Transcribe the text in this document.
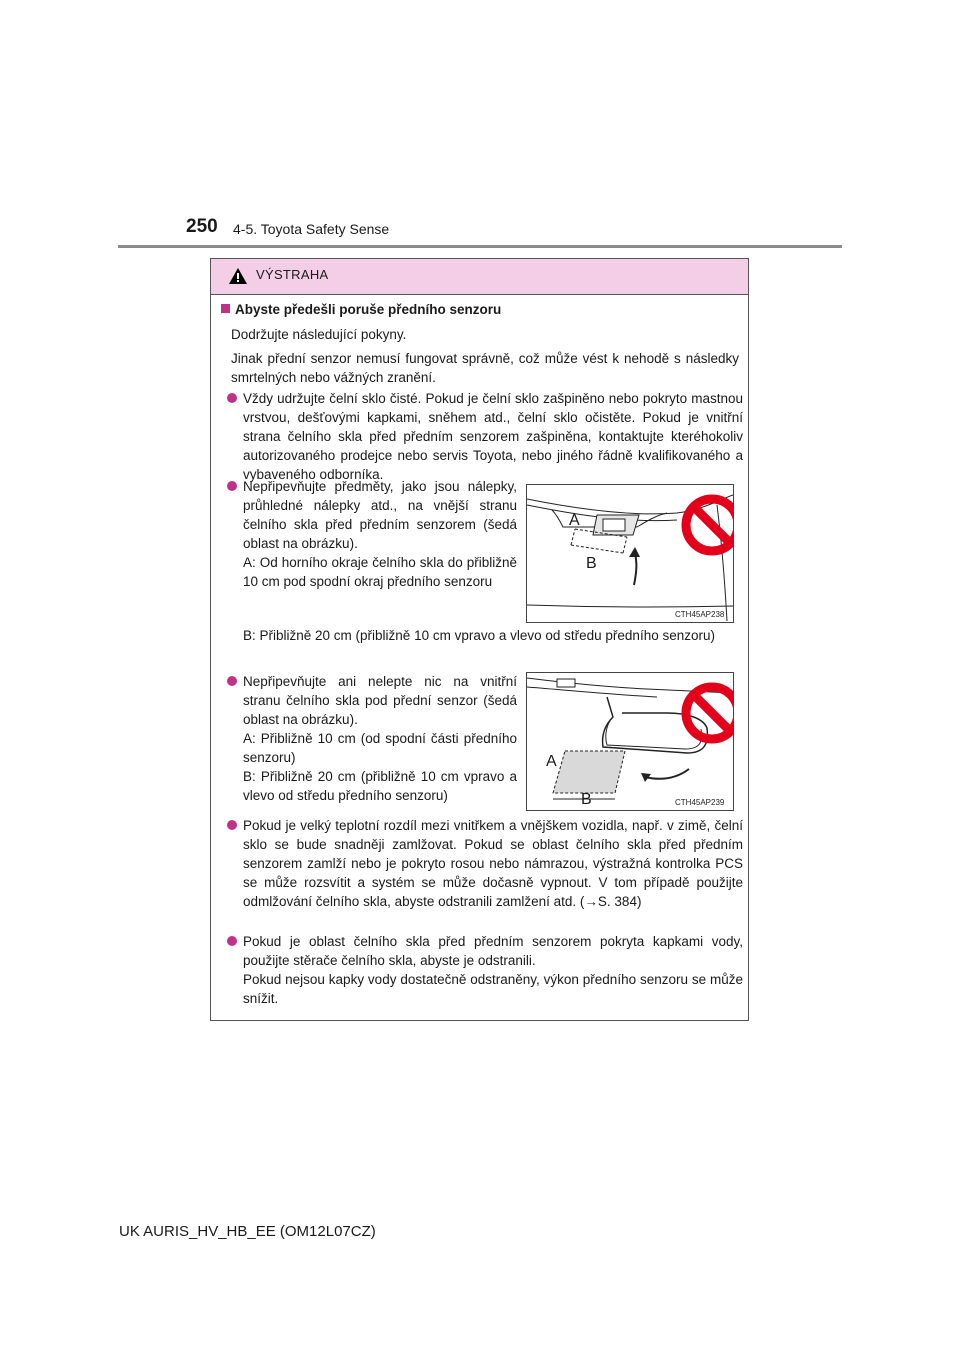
250 4-5. Toyota Safety Sense
VÝSTRAHA
Abyste předešli poruše předního senzoru
Dodržujte následující pokyny.
Jinak přední senzor nemusí fungovat správně, což může vést k nehodě s následky smrtelných nebo vážných zranění.
Vždy udržujte čelní sklo čisté. Pokud je čelní sklo zašpiněno nebo pokryto mastnou vrstvou, dešťovými kapkami, sněhem atd., čelní sklo očistěte. Pokud je vnitřní strana čelního skla před předním senzorem zašpiněna, kontaktujte kteréhokoliv autorizovaného prodejce nebo servis Toyota, nebo jiného řádně kvalifikovaného a vybaveného odborníka.
Nepřipevňujte předměty, jako jsou nálepky, průhledné nálepky atd., na vnější stranu čelního skla před předním senzorem (šedá oblast na obrázku).
A: Od horního okraje čelního skla do přibližně 10 cm pod spodní okraj předního senzoru
B: Přibližně 20 cm (přibližně 10 cm vpravo a vlevo od středu předního senzoru)
Nepřipevňujte ani nelepte nic na vnitřní stranu čelního skla pod přední senzor (šedá oblast na obrázku).
A: Přibližně 10 cm (od spodní části předního senzoru)
B: Přibližně 20 cm (přibližně 10 cm vpravo a vlevo od středu předního senzoru)
Pokud je velký teplotní rozdíl mezi vnitřkem a vnějškem vozidla, např. v zimě, čelní sklo se bude snadněji zamlžovat. Pokud se oblast čelního skla před předním senzorem zamlží nebo je pokryto rosou nebo námrazou, výstražná kontrolka PCS se může rozsvítit a systém se může dočasně vypnout. V tom případě použijte odmlžování čelního skla, abyste odstranili zamlžení atd. (→S. 384)
Pokud je oblast čelního skla před předním senzorem pokryta kapkami vody, použijte stěrače čelního skla, abyste je odstranili.
Pokud nejsou kapky vody dostatečně odstraněny, výkon předního senzoru se může snížit.
A
B
CTH45AP238
A
B	CTH45AP239
UK AURIS_HV_HB_EE (OM12L07CZ)
